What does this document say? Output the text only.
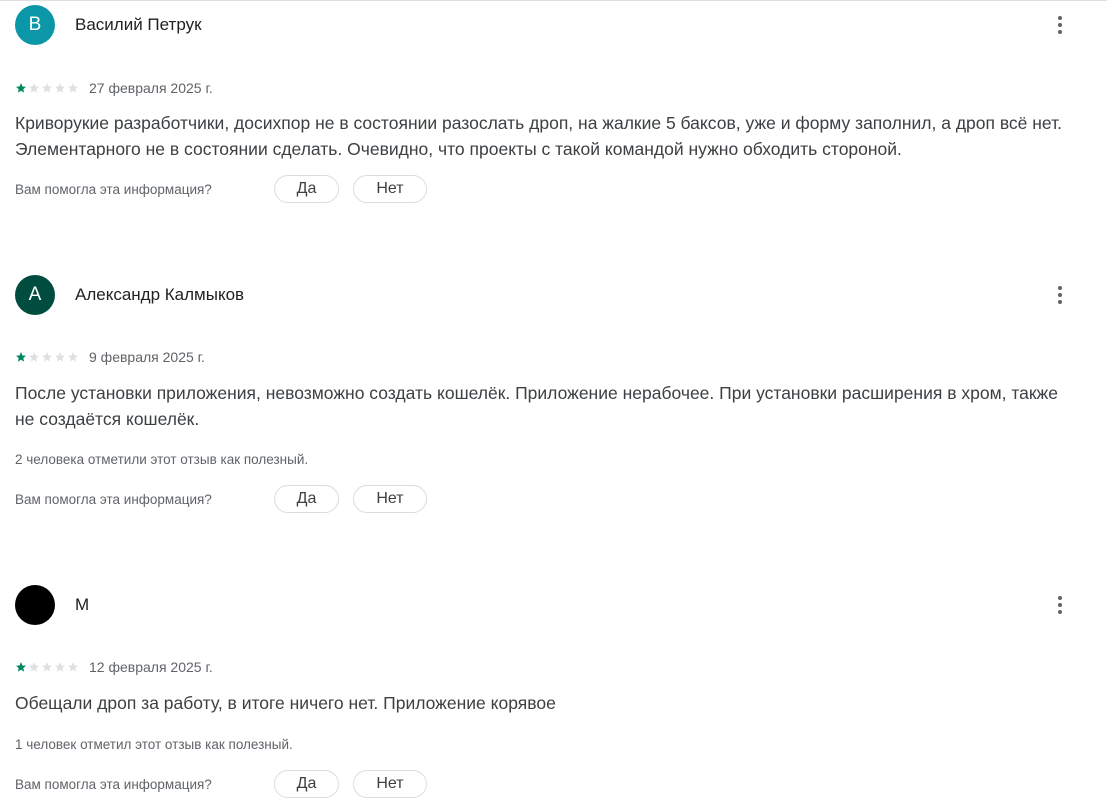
В	Василий Петрук
27 февраля 2025 г.
Криворукие разработчики, досихпор не в состоянии разослать дроп, на жалкие 5 баксов, уже и форму заполнил, а дроп всё нет. Элементарного не в состоянии сделать. Очевидно, что проекты с такой командой нужно обходить стороной.
Вам помогла эта информация?	Да	Нет
А	Александр Калмыков
9 февраля 2025 г.
После установки приложения, невозможно создать кошелёк. Приложение нерабочее. При установки расширения в хром, также не создаётся кошелёк.
2 человека отметили этот отзыв как полезный.
Вам помогла эта информация?	Да	Нет
М
12 февраля 2025 г.
Обещали дроп за работу, в итоге ничего нет. Приложение корявое
1 человек отметил этот отзыв как полезный.
Вам помогла эта информация?	Да	Нет
